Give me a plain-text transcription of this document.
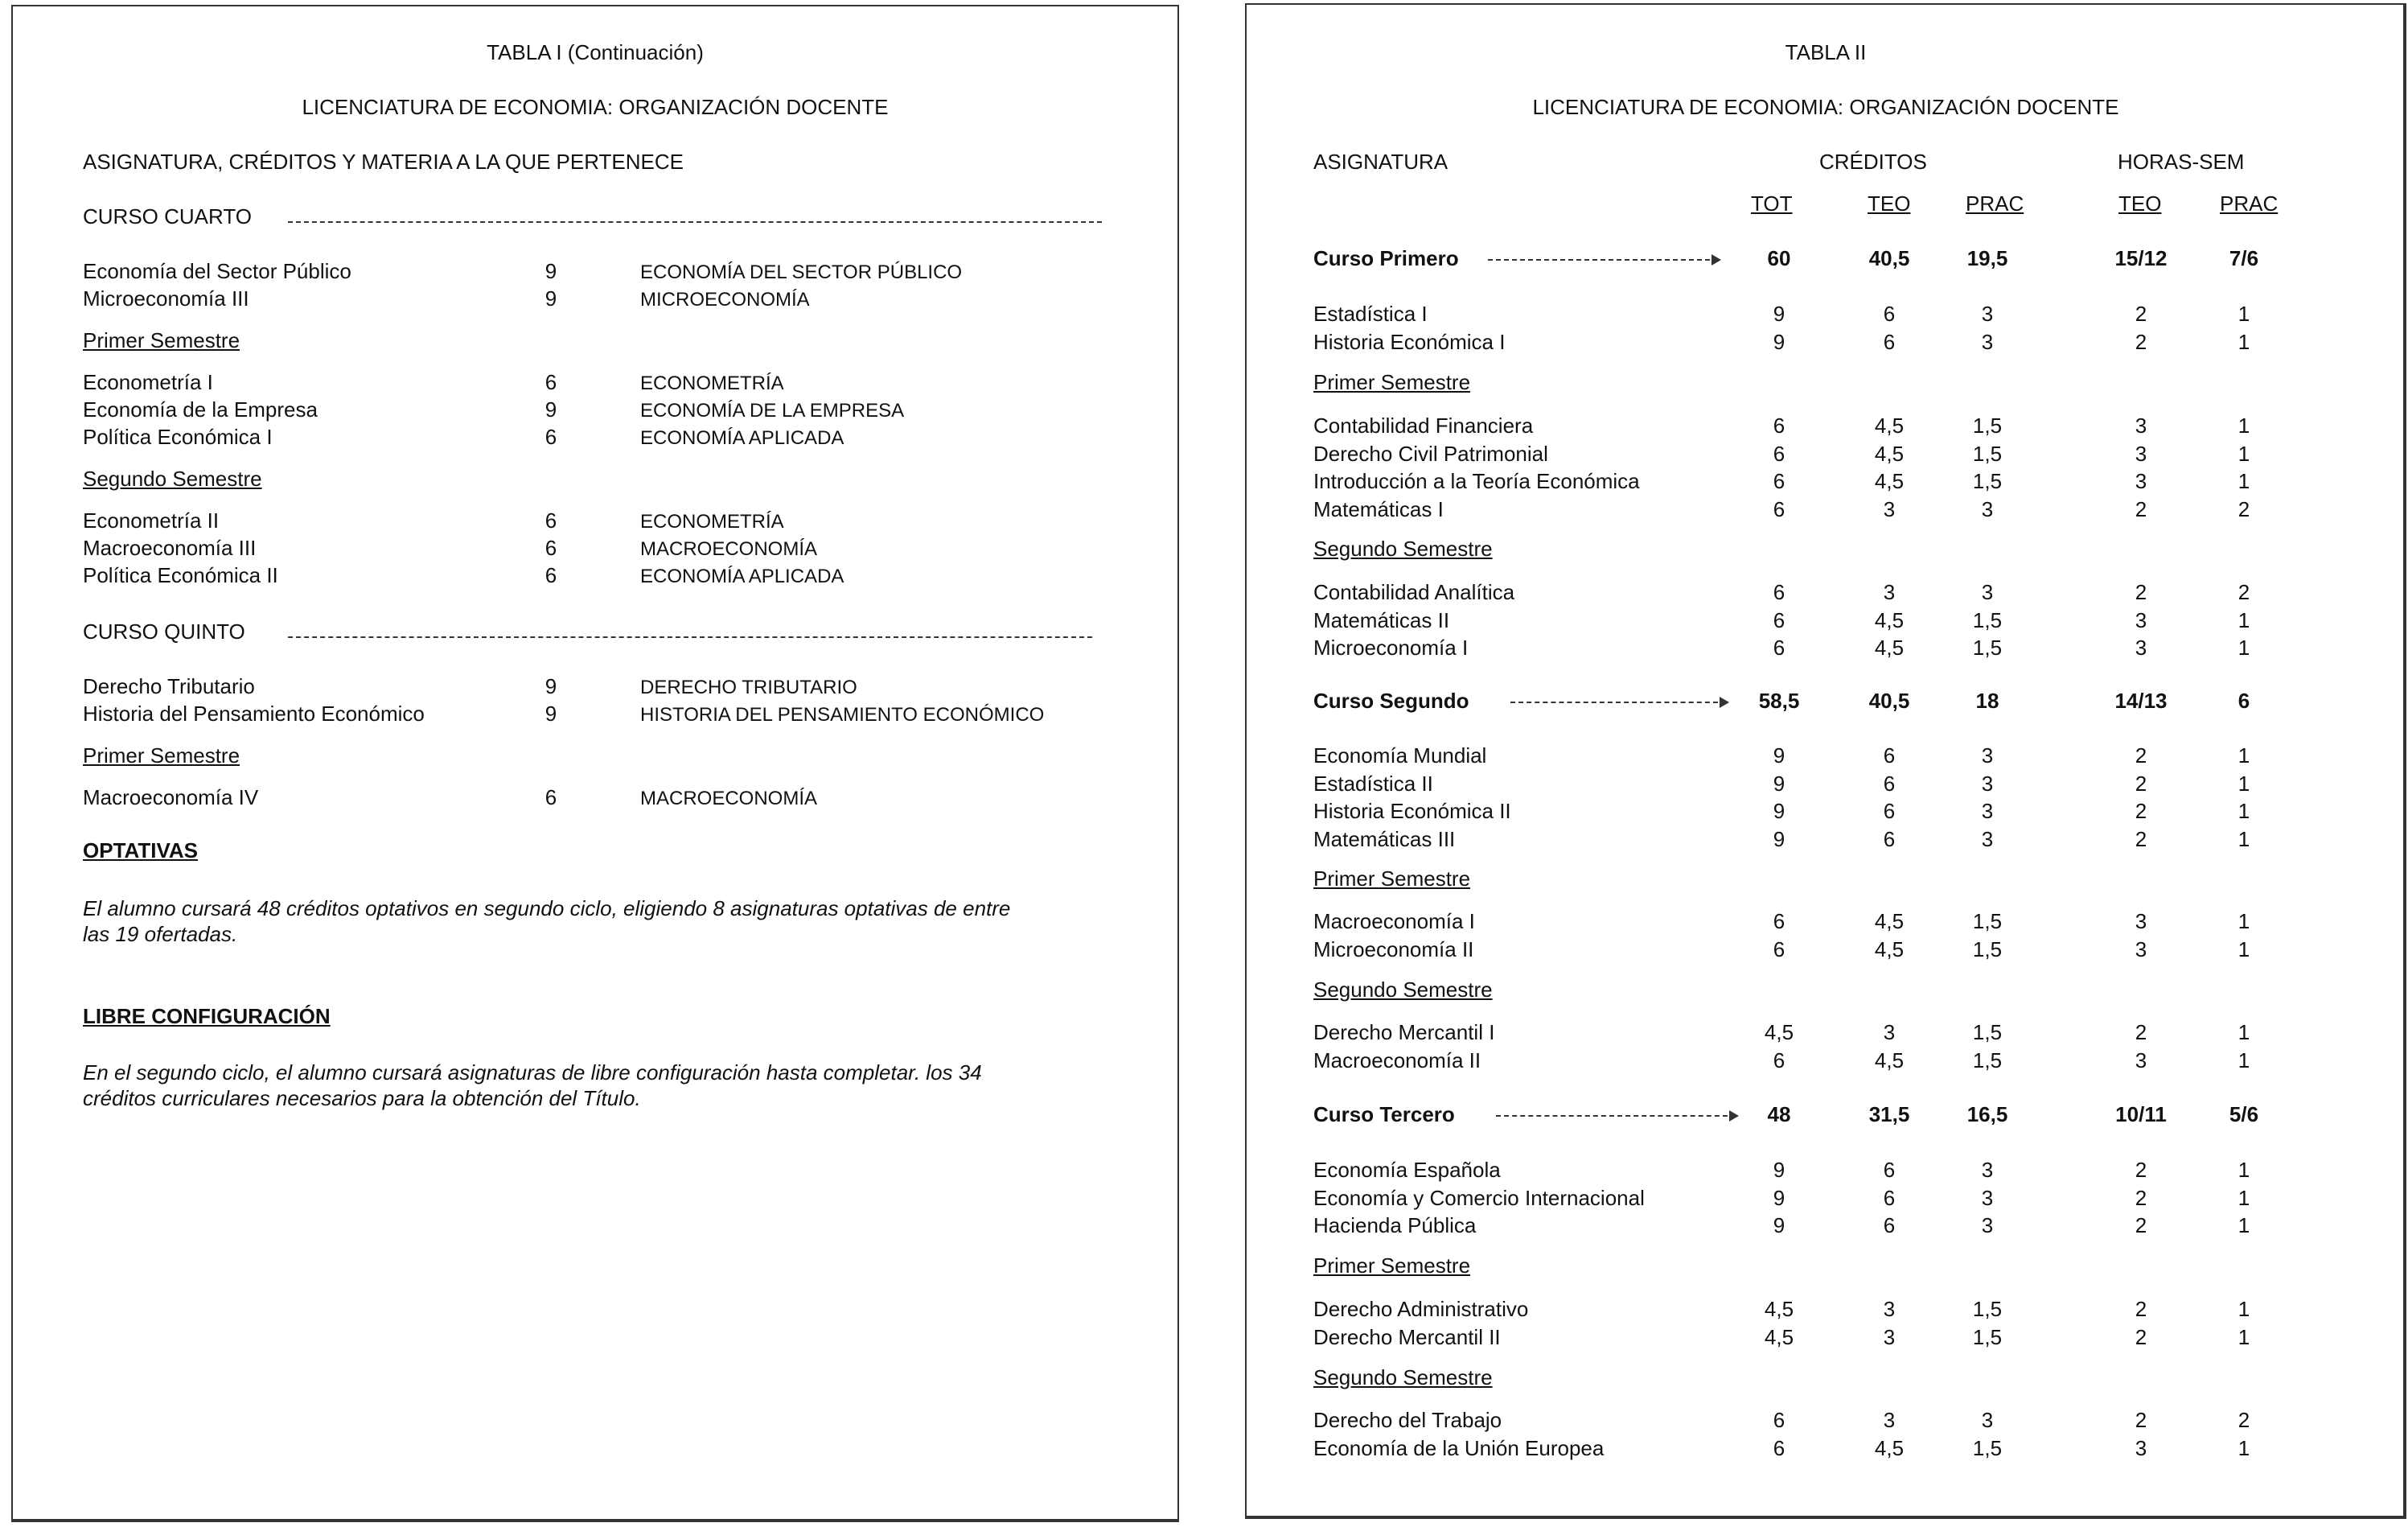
TABLA I (Continuación)
LICENCIATURA DE ECONOMIA: ORGANIZACIÓN DOCENTE
ASIGNATURA, CRÉDITOS Y MATERIA A LA QUE PERTENECE
CURSO CUARTO
Economía del Sector Público	9	ECONOMÍA DEL SECTOR PÚBLICO
Microeconomía III	9	MICROECONOMÍA
Primer Semestre
Econometría I	6	ECONOMETRÍA
Economía de la Empresa	9	ECONOMÍA DE LA EMPRESA
Política Económica I	6	ECONOMÍA APLICADA
Segundo Semestre
Econometría II	6	ECONOMETRÍA
Macroeconomía III	6	MACROECONOMÍA
Política Económica II	6	ECONOMÍA APLICADA
CURSO QUINTO
Derecho Tributario	9	DERECHO TRIBUTARIO
Historia del Pensamiento Económico	9	HISTORIA DEL PENSAMIENTO ECONÓMICO
Primer Semestre
Macroeconomía IV	6	MACROECONOMÍA
OPTATIVAS
El alumno cursará 48 créditos optativos en segundo ciclo, eligiendo 8 asignaturas optativas de entre
las 19 ofertadas.
LIBRE CONFIGURACIÓN
En el segundo ciclo, el alumno cursará asignaturas de libre configuración hasta completar. los 34
créditos curriculares necesarios para la obtención del Título.
TABLA II
LICENCIATURA DE ECONOMIA: ORGANIZACIÓN DOCENTE
ASIGNATURA	CRÉDITOS	HORAS-SEM
TOT	TEO	PRAC	TEO	PRAC
Curso Primero	60	40,5	19,5	15/12	7/6
Estadística I	9	6	3	2	1
Historia Económica I	9	6	3	2	1
Primer Semestre
Contabilidad Financiera	6	4,5	1,5	3	1
Derecho Civil Patrimonial	6	4,5	1,5	3	1
Introducción a la Teoría Económica	6	4,5	1,5	3	1
Matemáticas I	6	3	3	2	2
Segundo Semestre
Contabilidad Analítica	6	3	3	2	2
Matemáticas II	6	4,5	1,5	3	1
Microeconomía I	6	4,5	1,5	3	1
Curso Segundo	58,5	40,5	18	14/13	6
Economía Mundial	9	6	3	2	1
Estadística II	9	6	3	2	1
Historia Económica II	9	6	3	2	1
Matemáticas III	9	6	3	2	1
Primer Semestre
Macroeconomía I	6	4,5	1,5	3	1
Microeconomía II	6	4,5	1,5	3	1
Segundo Semestre
Derecho Mercantil I	4,5	3	1,5	2	1
Macroeconomía II	6	4,5	1,5	3	1
Curso Tercero	48	31,5	16,5	10/11	5/6
Economía Española	9	6	3	2	1
Economía y Comercio Internacional	9	6	3	2	1
Hacienda Pública	9	6	3	2	1
Primer Semestre
Derecho Administrativo	4,5	3	1,5	2	1
Derecho Mercantil II	4,5	3	1,5	2	1
Segundo Semestre
Derecho del Trabajo	6	3	3	2	2
Economía de la Unión Europea	6	4,5	1,5	3	1
